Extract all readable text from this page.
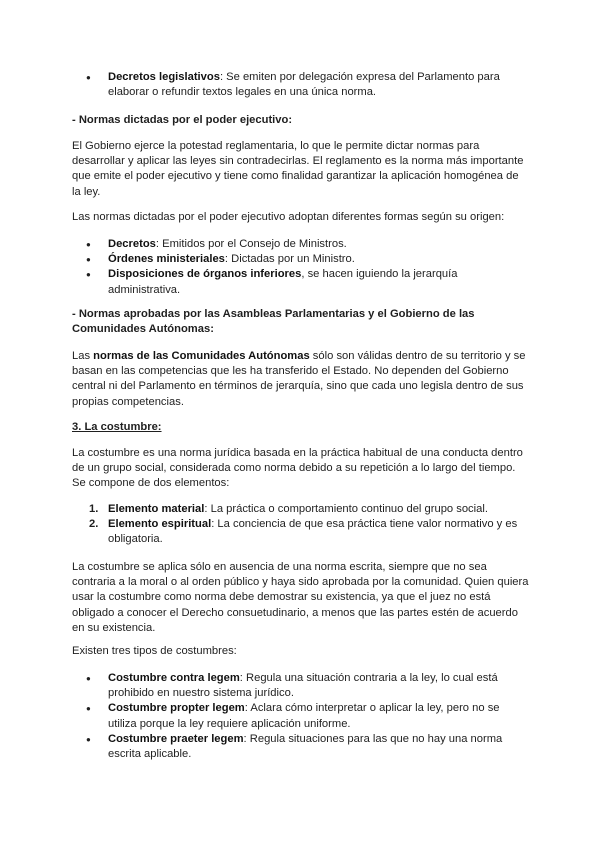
● Decretos legislativos: Se emiten por delegación expresa del Parlamento para elaborar o refundir textos legales en una única norma.

- Normas dictadas por el poder ejecutivo:

El Gobierno ejerce la potestad reglamentaria, lo que le permite dictar normas para desarrollar y aplicar las leyes sin contradecirlas. El reglamento es la norma más importante que emite el poder ejecutivo y tiene como finalidad garantizar la aplicación homogénea de la ley.

Las normas dictadas por el poder ejecutivo adoptan diferentes formas según su origen:

● Decretos: Emitidos por el Consejo de Ministros.
● Órdenes ministeriales: Dictadas por un Ministro.
● Disposiciones de órganos inferiores, se hacen iguiendo la jerarquía administrativa.

- Normas aprobadas por las Asambleas Parlamentarias y el Gobierno de las Comunidades Autónomas:

Las normas de las Comunidades Autónomas sólo son válidas dentro de su territorio y se basan en las competencias que les ha transferido el Estado. No dependen del Gobierno central ni del Parlamento en términos de jerarquía, sino que cada uno legisla dentro de sus propias competencias.

3. La costumbre:

La costumbre es una norma jurídica basada en la práctica habitual de una conducta dentro de un grupo social, considerada como norma debido a su repetición a lo largo del tiempo. Se compone de dos elementos:

1. Elemento material: La práctica o comportamiento continuo del grupo social.
2. Elemento espiritual: La conciencia de que esa práctica tiene valor normativo y es obligatoria.

La costumbre se aplica sólo en ausencia de una norma escrita, siempre que no sea contraria a la moral o al orden público y haya sido aprobada por la comunidad. Quien quiera usar la costumbre como norma debe demostrar su existencia, ya que el juez no está obligado a conocer el Derecho consuetudinario, a menos que las partes estén de acuerdo en su existencia.

Existen tres tipos de costumbres:

● Costumbre contra legem: Regula una situación contraria a la ley, lo cual está prohibido en nuestro sistema jurídico.
● Costumbre propter legem: Aclara cómo interpretar o aplicar la ley, pero no se utiliza porque la ley requiere aplicación uniforme.
● Costumbre praeter legem: Regula situaciones para las que no hay una norma escrita aplicable.
